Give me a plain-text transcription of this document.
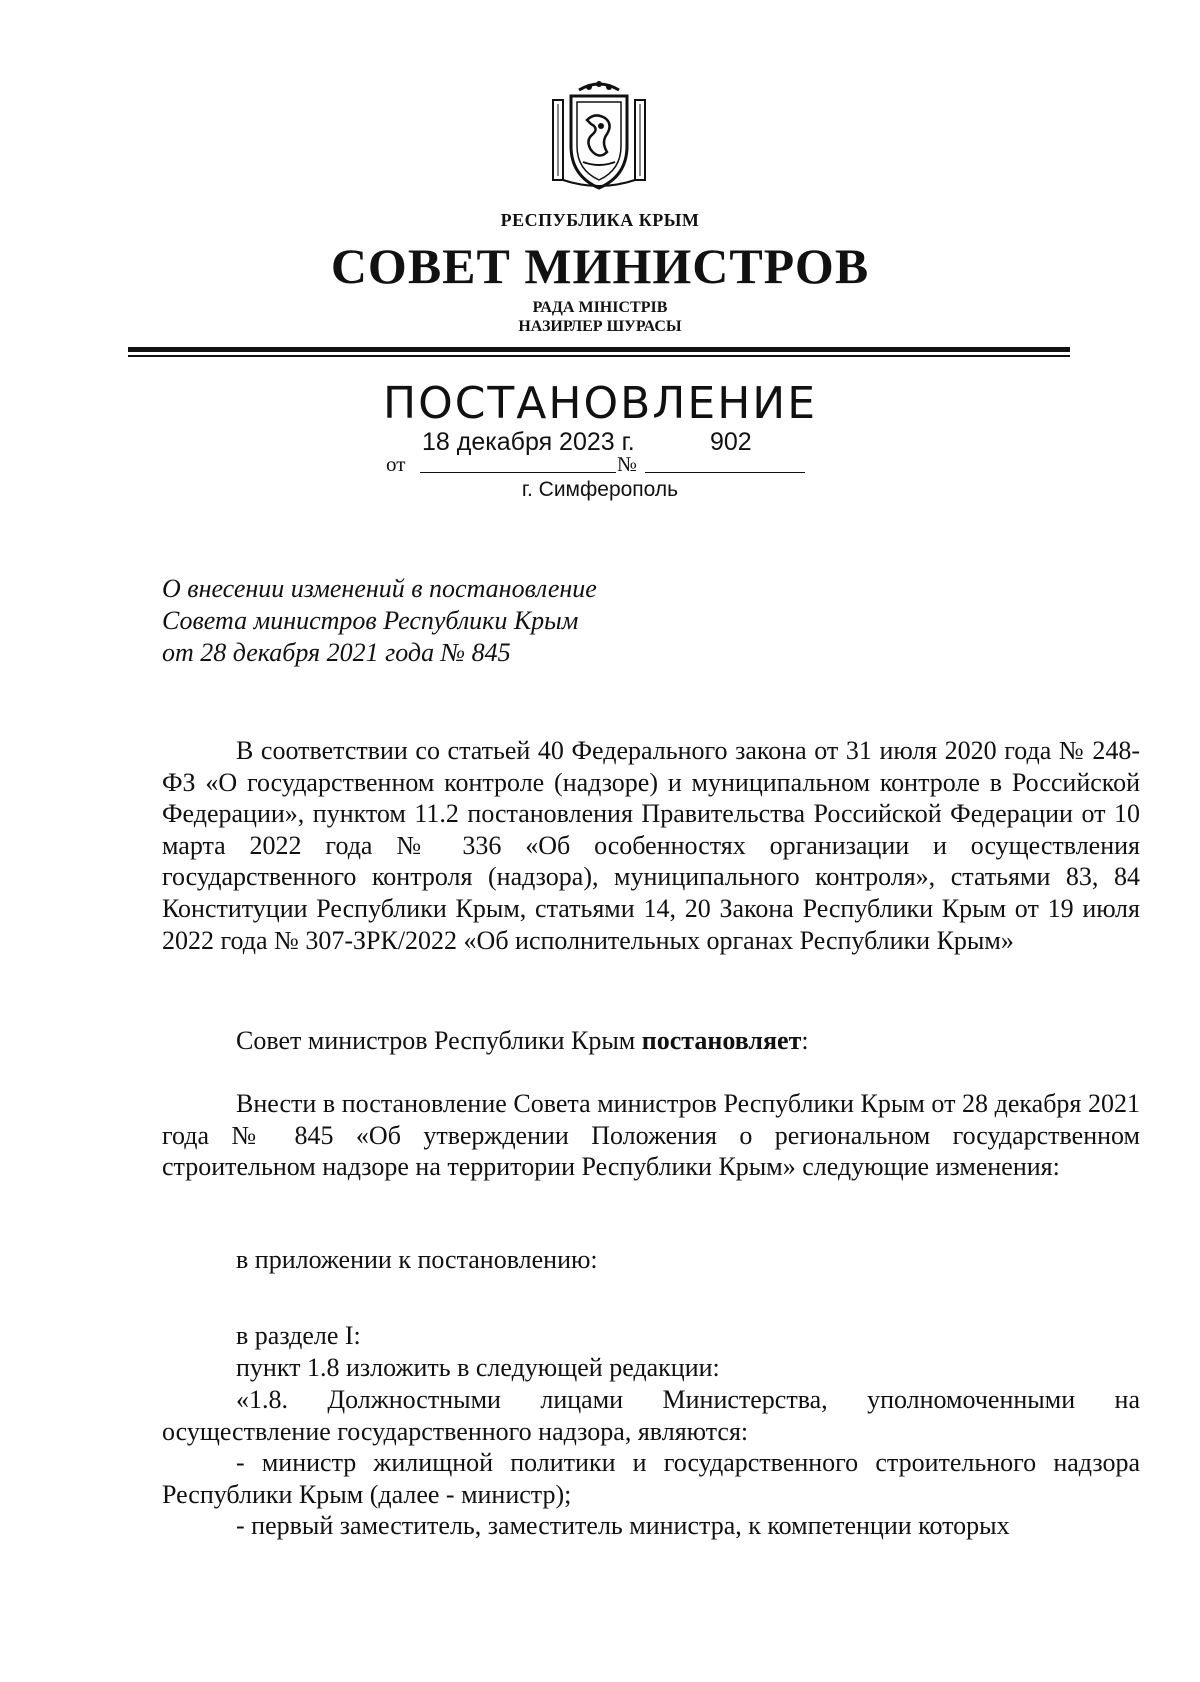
РЕСПУБЛИКА КРЫМ
СОВЕТ МИНИСТРОВ
РАДА МІНІСТРІВ
НАЗИРЛЕР ШУРАСЫ
ПОСТАНОВЛЕНИЕ
18 декабря 2023 г.	902
от	№
г. Симферополь
О внесении изменений в постановление
Совета министров Республики Крым
от 28 декабря 2021 года № 845
В соответствии со статьей 40 Федерального закона от 31 июля 2020 года № 248-ФЗ «О государственном контроле (надзоре) и муниципальном контроле в Российской Федерации», пунктом 11.2 постановления Правительства Российской Федерации от 10 марта 2022 года № 336 «Об особенностях организации и осуществления государственного контроля (надзора), муниципального контроля», статьями 83, 84 Конституции Республики Крым, статьями 14, 20 Закона Республики Крым от 19 июля 2022 года № 307-ЗРК/2022 «Об исполнительных органах Республики Крым»
Совет министров Республики Крым постановляет:
Внести в постановление Совета министров Республики Крым от 28 декабря 2021 года № 845 «Об утверждении Положения о региональном государственном строительном надзоре на территории Республики Крым» следующие изменения:
в приложении к постановлению:
в разделе I:
пункт 1.8 изложить в следующей редакции:
«1.8. Должностными лицами Министерства, уполномоченными на осуществление государственного надзора, являются:
- министр жилищной политики и государственного строительного надзора Республики Крым (далее - министр);
- первый заместитель, заместитель министра, к компетенции которых
